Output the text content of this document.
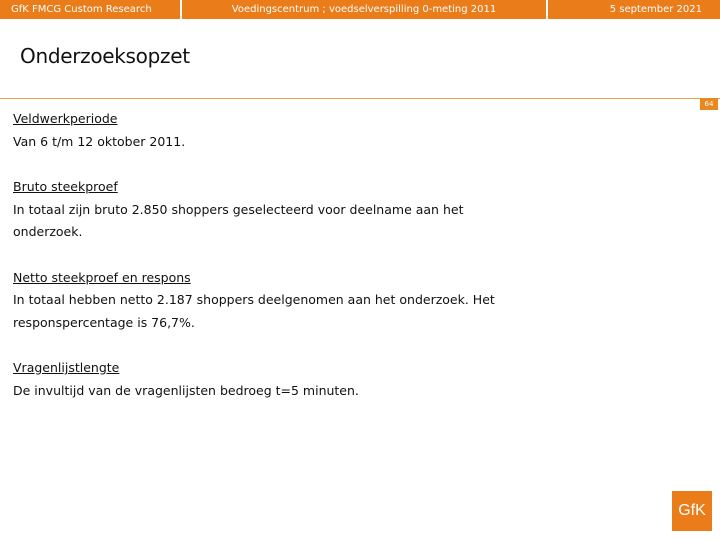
GfK FMCG Custom Research	Voedingscentrum ; voedselverspilling 0-meting 2011	5 september 2021
Onderzoeksopzet
64
Veldwerkperiode
Van 6 t/m 12 oktober 2011.
Bruto steekproef
In totaal zijn bruto 2.850 shoppers geselecteerd voor deelname aan het
onderzoek.
Netto steekproef en respons
In totaal hebben netto 2.187 shoppers deelgenomen aan het onderzoek. Het
responspercentage is 76,7%.
Vragenlijstlengte
De invultijd van de vragenlijsten bedroeg t=5 minuten.
GfK
